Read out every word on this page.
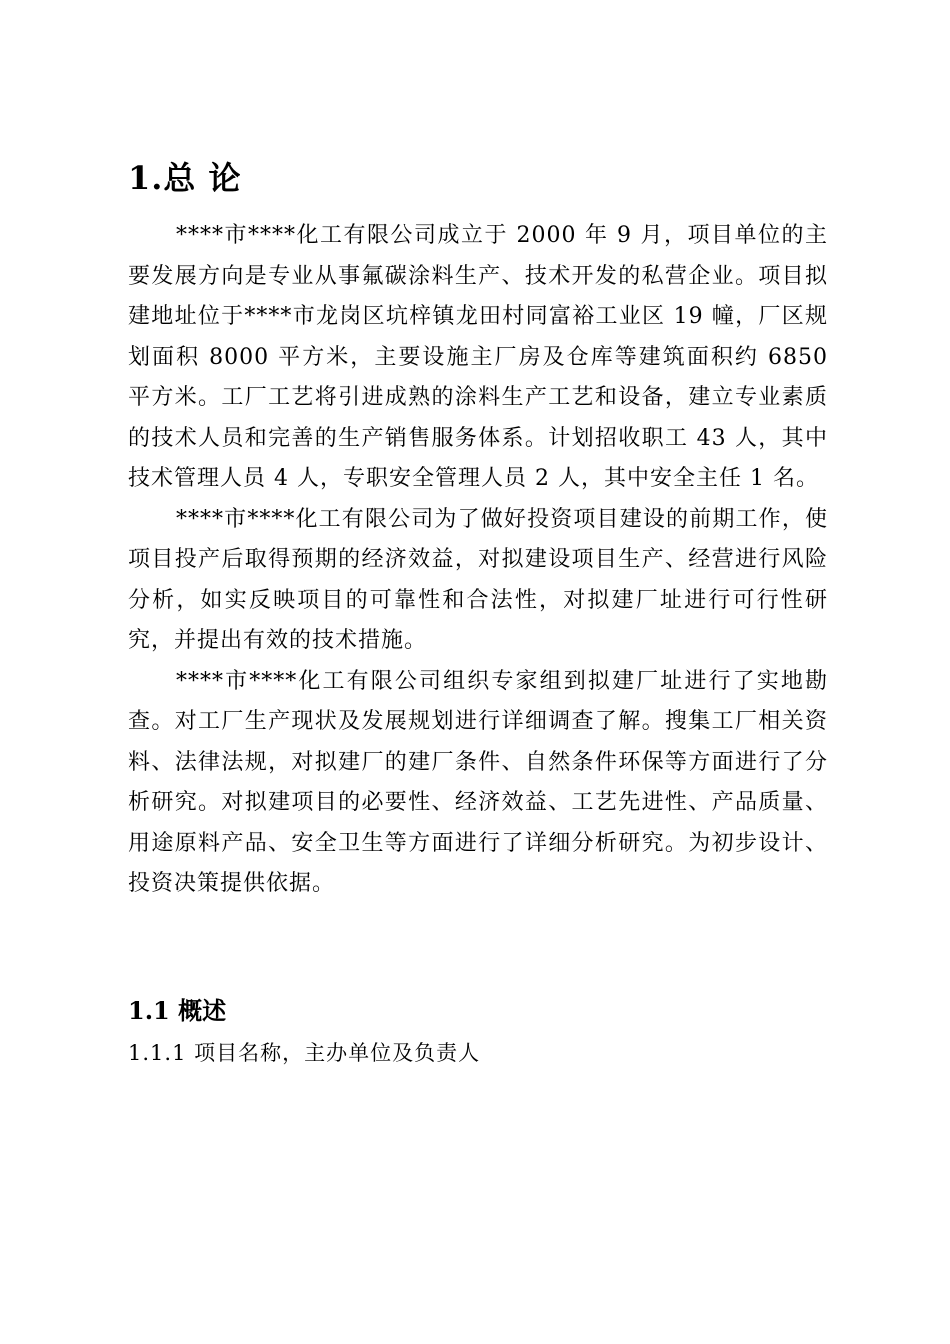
1.总 论

****市****化工有限公司成立于 2000 年 9 月，项目单位的主要发展方向是专业从事氟碳涂料生产、技术开发的私营企业。项目拟建地址位于****市龙岗区坑梓镇龙田村同富裕工业区 19 幢，厂区规划面积 8000 平方米，主要设施主厂房及仓库等建筑面积约 6850 平方米。工厂工艺将引进成熟的涂料生产工艺和设备，建立专业素质的技术人员和完善的生产销售服务体系。计划招收职工 43 人，其中技术管理人员 4 人，专职安全管理人员 2 人，其中安全主任 1 名。

****市****化工有限公司为了做好投资项目建设的前期工作，使项目投产后取得预期的经济效益，对拟建设项目生产、经营进行风险分析，如实反映项目的可靠性和合法性，对拟建厂址进行可行性研究，并提出有效的技术措施。

****市****化工有限公司组织专家组到拟建厂址进行了实地勘查。对工厂生产现状及发展规划进行详细调查了解。搜集工厂相关资料、法律法规，对拟建厂的建厂条件、自然条件环保等方面进行了分析研究。对拟建项目的必要性、经济效益、工艺先进性、产品质量、用途原料产品、安全卫生等方面进行了详细分析研究。为初步设计、投资决策提供依据。

1.1 概述
1.1.1 项目名称，主办单位及负责人
